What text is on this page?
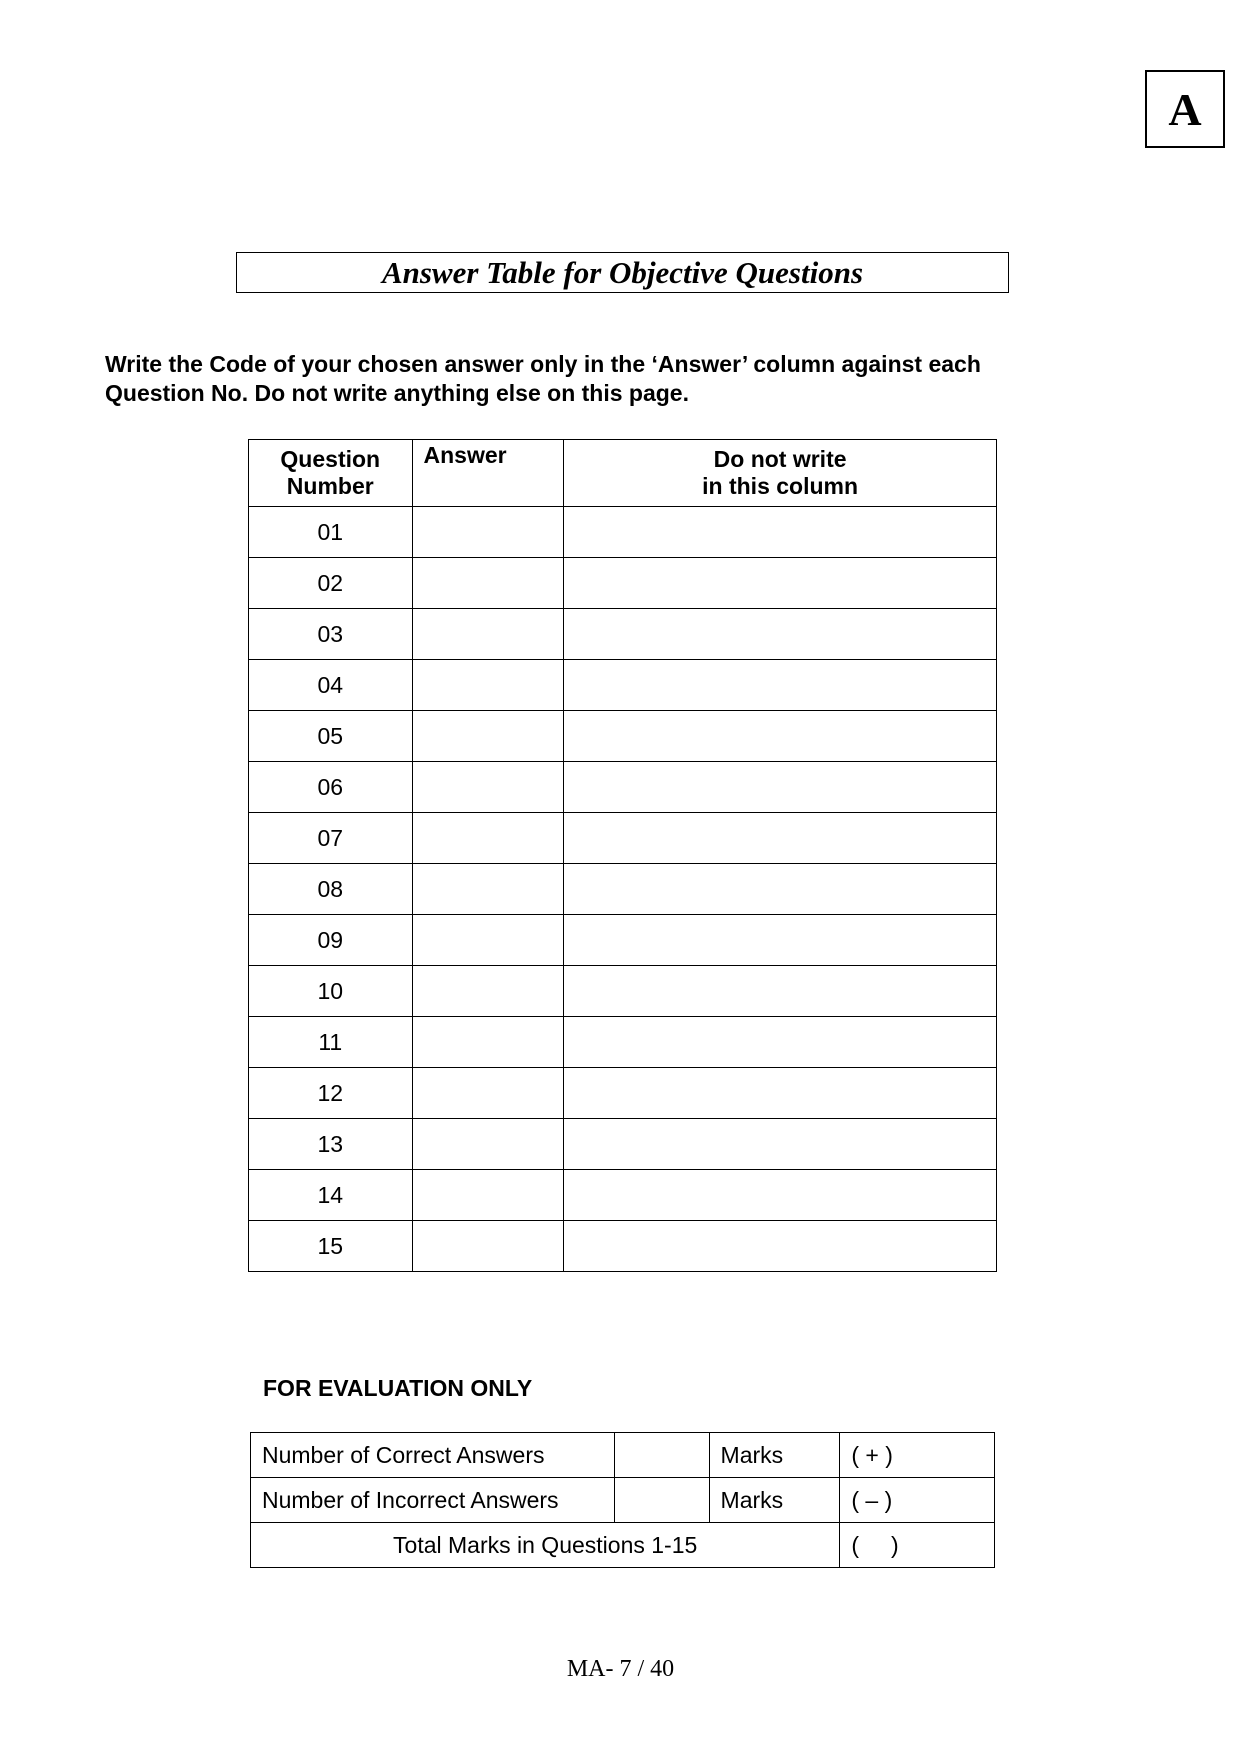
A
Answer Table for Objective Questions
Write the Code of your chosen answer only in the ‘Answer’ column against each
Question No. Do not write anything else on this page.
Question
Number	Answer	Do not write
in this column

01		
02		
03		
04		
05		
06		
07		
08		
09		
10		
11		
12		
13		
14		
15		
FOR EVALUATION ONLY
Number of Correct Answers		Marks	( + )
Number of Incorrect Answers		Marks	( – )
Total Marks in Questions 1-15			(     )
MA- 7 / 40
